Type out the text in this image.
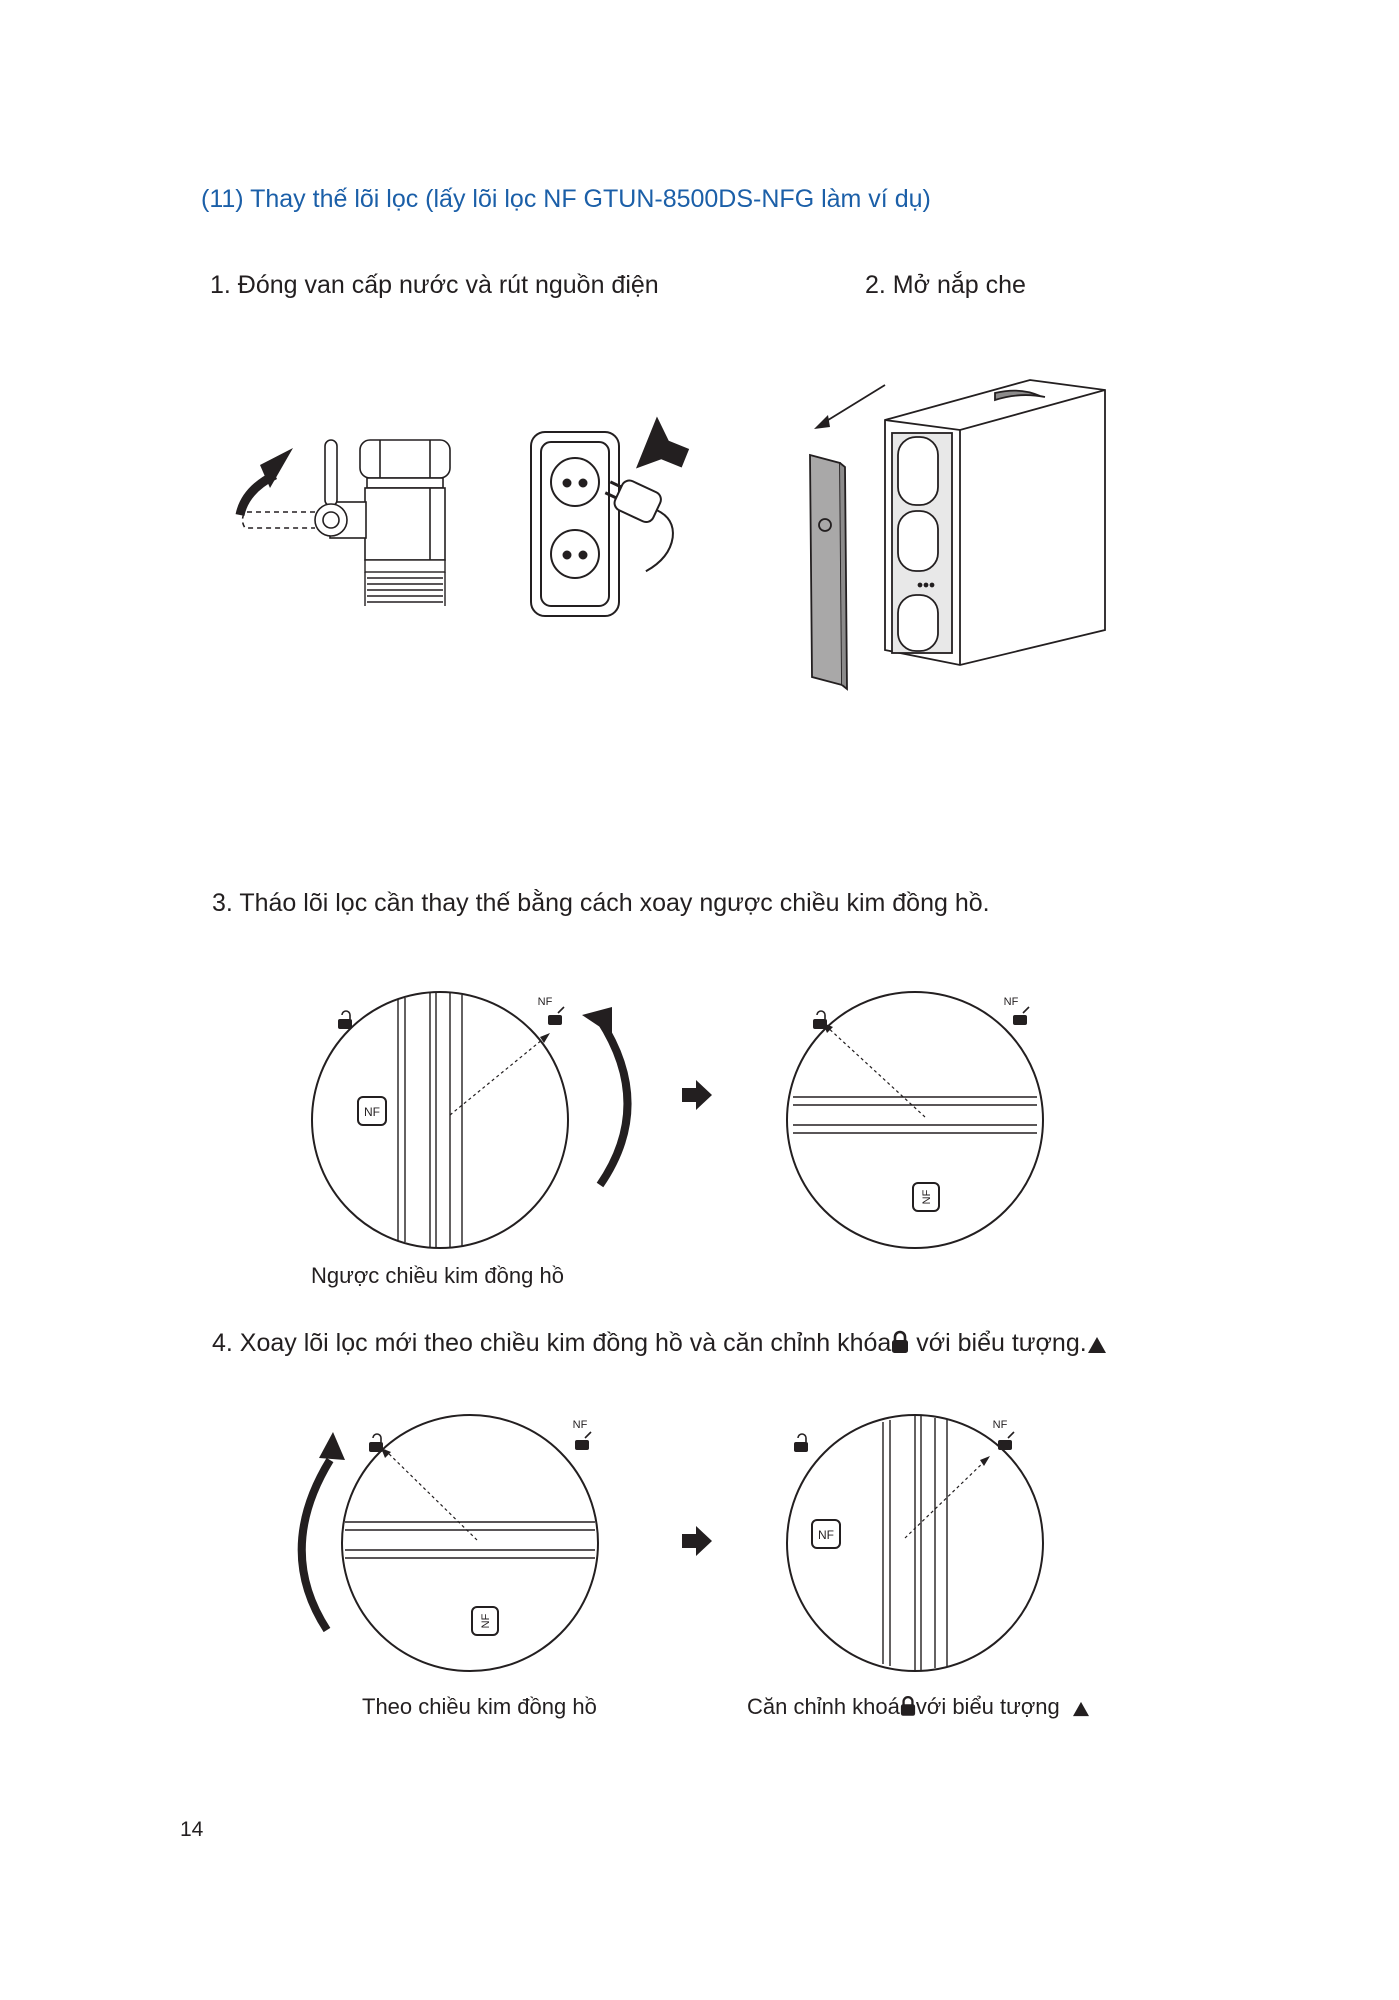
(11) Thay thế lõi lọc (lấy lõi lọc NF GTUN-8500DS-NFG làm ví dụ)
1. Đóng van cấp nước và rút nguồn điện	2. Mở nắp che
3. Tháo lõi lọc cần thay thế bằng cách xoay ngược chiều kim đồng hồ.
4. Xoay lõi lọc mới theo chiều kim đồng hồ và căn chỉnh khóa với biểu tượng.
NF
NF
NF
NF
Ngược chiều kim đồng hồ
NF
NF
NF
NF
Theo chiều kim đồng hồ	Căn chỉnh khoá với biểu tượng
14
